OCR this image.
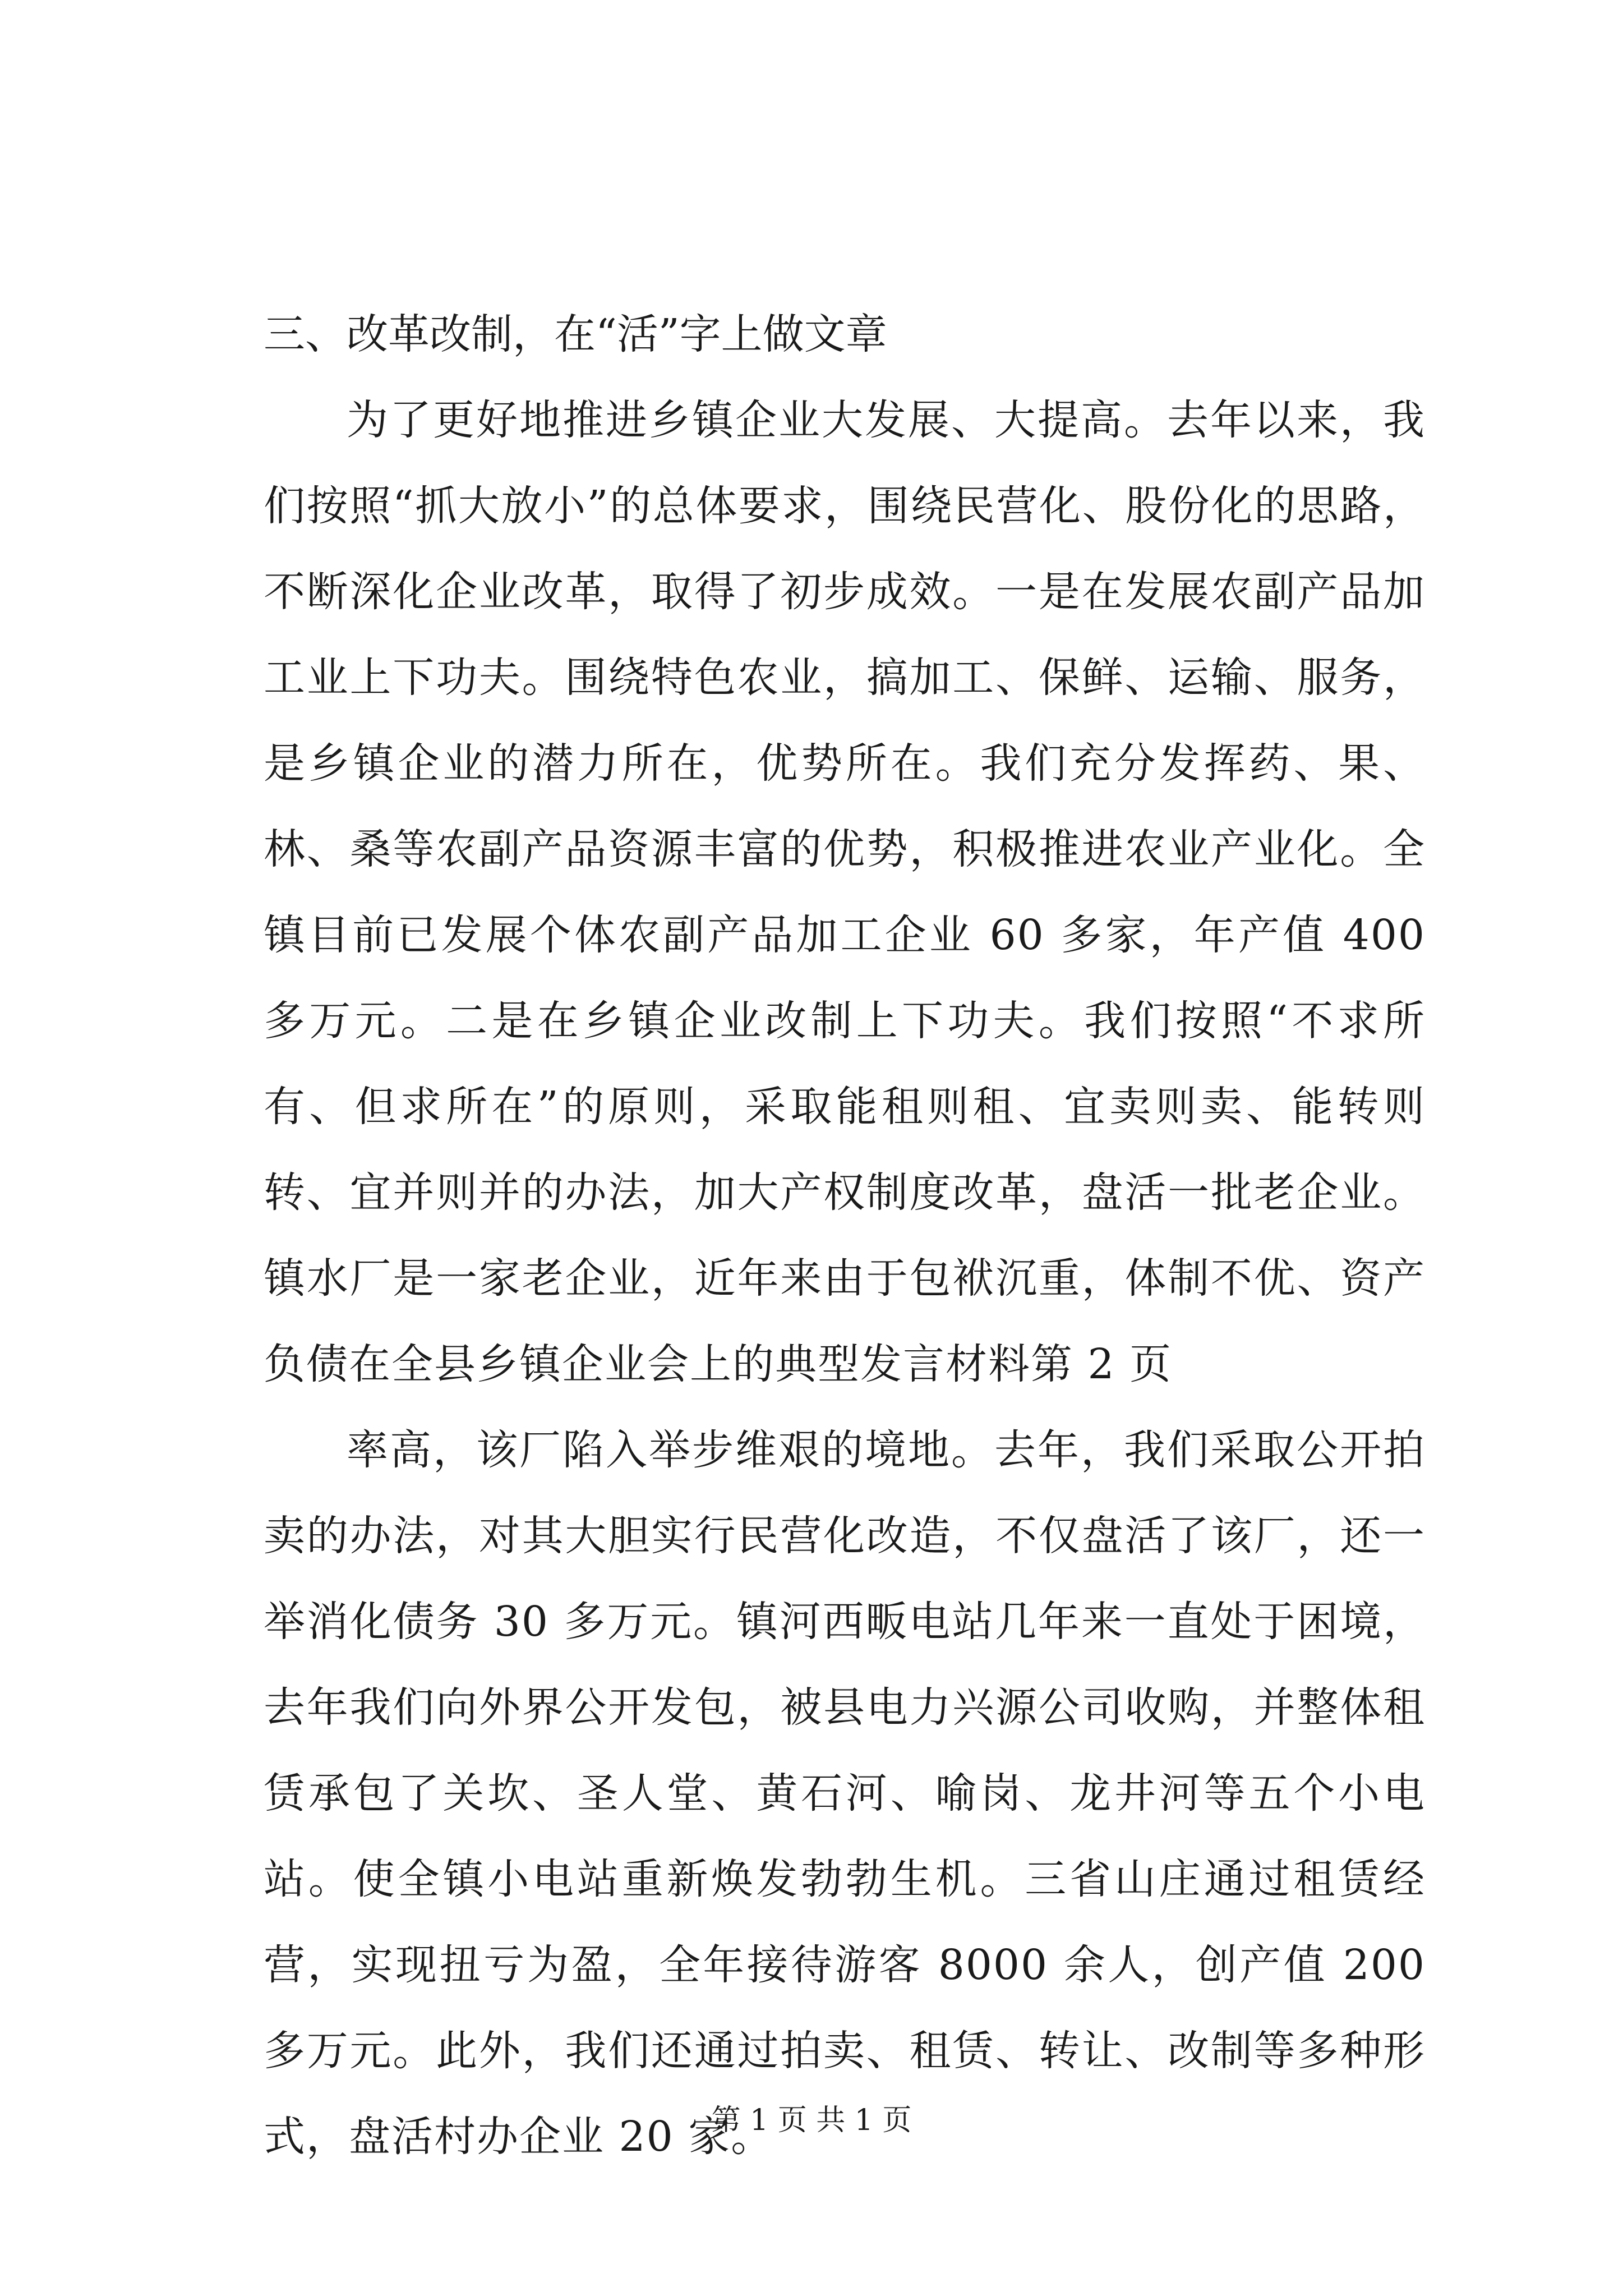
三、改革改制，在“活”字上做文章

为了更好地推进乡镇企业大发展、大提高。去年以来，我们按照“抓大放小”的总体要求，围绕民营化、股份化的思路，不断深化企业改革，取得了初步成效。一是在发展农副产品加工业上下功夫。围绕特色农业，搞加工、保鲜、运输、服务，是乡镇企业的潜力所在，优势所在。我们充分发挥药、果、林、桑等农副产品资源丰富的优势，积极推进农业产业化。全镇目前已发展个体农副产品加工企业 60 多家，年产值 400 多万元。二是在乡镇企业改制上下功夫。我们按照“不求所有、但求所在”的原则，采取能租则租、宜卖则卖、能转则转、宜并则并的办法，加大产权制度改革，盘活一批老企业。镇水厂是一家老企业，近年来由于包袱沉重，体制不优、资产负债在全县乡镇企业会上的典型发言材料第 2 页

率高，该厂陷入举步维艰的境地。去年，我们采取公开拍卖的办法，对其大胆实行民营化改造，不仅盘活了该厂，还一举消化债务 30 多万元。镇河西畈电站几年来一直处于困境，去年我们向外界公开发包，被县电力兴源公司收购，并整体租赁承包了关坎、圣人堂、黄石河、喻岗、龙井河等五个小电站。使全镇小电站重新焕发勃勃生机。三省山庄通过租赁经营，实现扭亏为盈，全年接待游客 8000 余人，创产值 200 多万元。此外，我们还通过拍卖、租赁、转让、改制等多种形式，盘活村办企业 20 家。

第 1 页 共 1 页
